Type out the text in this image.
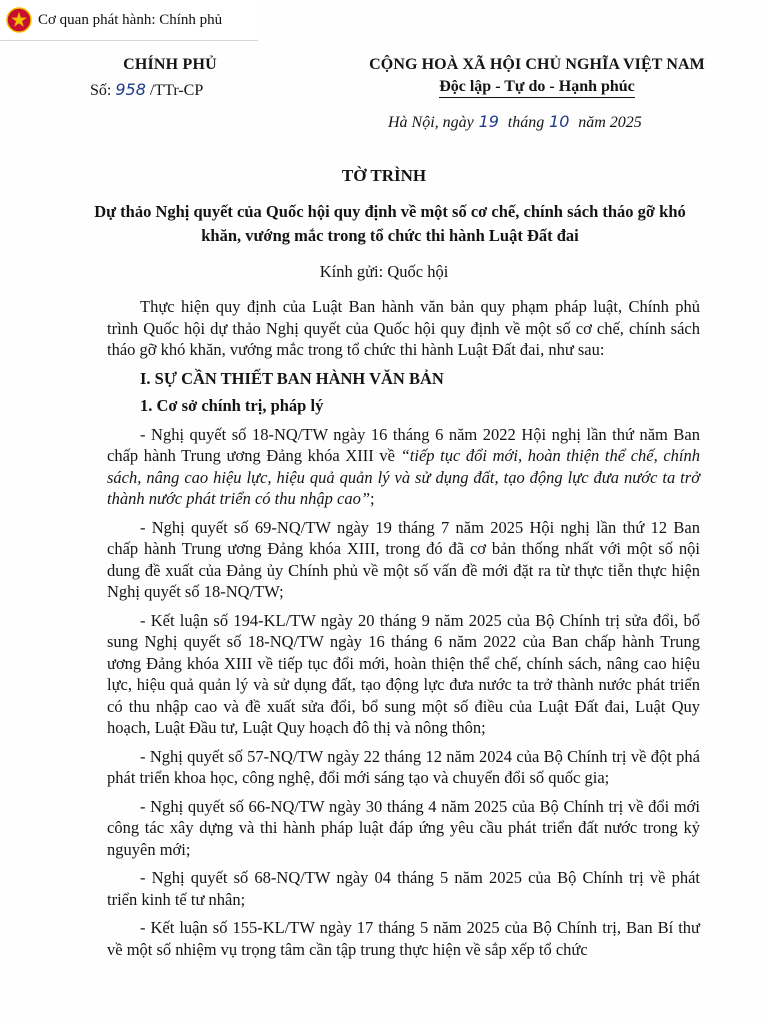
Cơ quan phát hành: Chính phủ
CHÍNH PHỦ
Số: 958 /TTr-CP
CỘNG HOÀ XÃ HỘI CHỦ NGHĨA VIỆT NAM
Độc lập - Tự do - Hạnh phúc
Hà Nội, ngày 19 tháng 10 năm 2025
TỜ TRÌNH
Dự thảo Nghị quyết của Quốc hội quy định về một số cơ chế, chính sách tháo gỡ khó khăn, vướng mắc trong tổ chức thi hành Luật Đất đai
Kính gửi: Quốc hội

Thực hiện quy định của Luật Ban hành văn bản quy phạm pháp luật, Chính phủ trình Quốc hội dự thảo Nghị quyết của Quốc hội quy định về một số cơ chế, chính sách tháo gỡ khó khăn, vướng mắc trong tổ chức thi hành Luật Đất đai, như sau:

I. SỰ CẦN THIẾT BAN HÀNH VĂN BẢN
1. Cơ sở chính trị, pháp lý

- Nghị quyết số 18-NQ/TW ngày 16 tháng 6 năm 2022 Hội nghị lần thứ năm Ban chấp hành Trung ương Đảng khóa XIII về “tiếp tục đổi mới, hoàn thiện thể chế, chính sách, nâng cao hiệu lực, hiệu quả quản lý và sử dụng đất, tạo động lực đưa nước ta trở thành nước phát triển có thu nhập cao”;

- Nghị quyết số 69-NQ/TW ngày 19 tháng 7 năm 2025 Hội nghị lần thứ 12 Ban chấp hành Trung ương Đảng khóa XIII, trong đó đã cơ bản thống nhất với một số nội dung đề xuất của Đảng ủy Chính phủ về một số vấn đề mới đặt ra từ thực tiễn thực hiện Nghị quyết số 18-NQ/TW;

- Kết luận số 194-KL/TW ngày 20 tháng 9 năm 2025 của Bộ Chính trị sửa đổi, bổ sung Nghị quyết số 18-NQ/TW ngày 16 tháng 6 năm 2022 của Ban chấp hành Trung ương Đảng khóa XIII về tiếp tục đổi mới, hoàn thiện thể chế, chính sách, nâng cao hiệu lực, hiệu quả quản lý và sử dụng đất, tạo động lực đưa nước ta trở thành nước phát triển có thu nhập cao và đề xuất sửa đổi, bổ sung một số điều của Luật Đất đai, Luật Quy hoạch, Luật Đầu tư, Luật Quy hoạch đô thị và nông thôn;

- Nghị quyết số 57-NQ/TW ngày 22 tháng 12 năm 2024 của Bộ Chính trị về đột phá phát triển khoa học, công nghệ, đổi mới sáng tạo và chuyển đổi số quốc gia;

- Nghị quyết số 66-NQ/TW ngày 30 tháng 4 năm 2025 của Bộ Chính trị về đổi mới công tác xây dựng và thi hành pháp luật đáp ứng yêu cầu phát triển đất nước trong kỷ nguyên mới;

- Nghị quyết số 68-NQ/TW ngày 04 tháng 5 năm 2025 của Bộ Chính trị về phát triển kinh tế tư nhân;

- Kết luận số 155-KL/TW ngày 17 tháng 5 năm 2025 của Bộ Chính trị, Ban Bí thư về một số nhiệm vụ trọng tâm cần tập trung thực hiện về sắp xếp tổ chức
